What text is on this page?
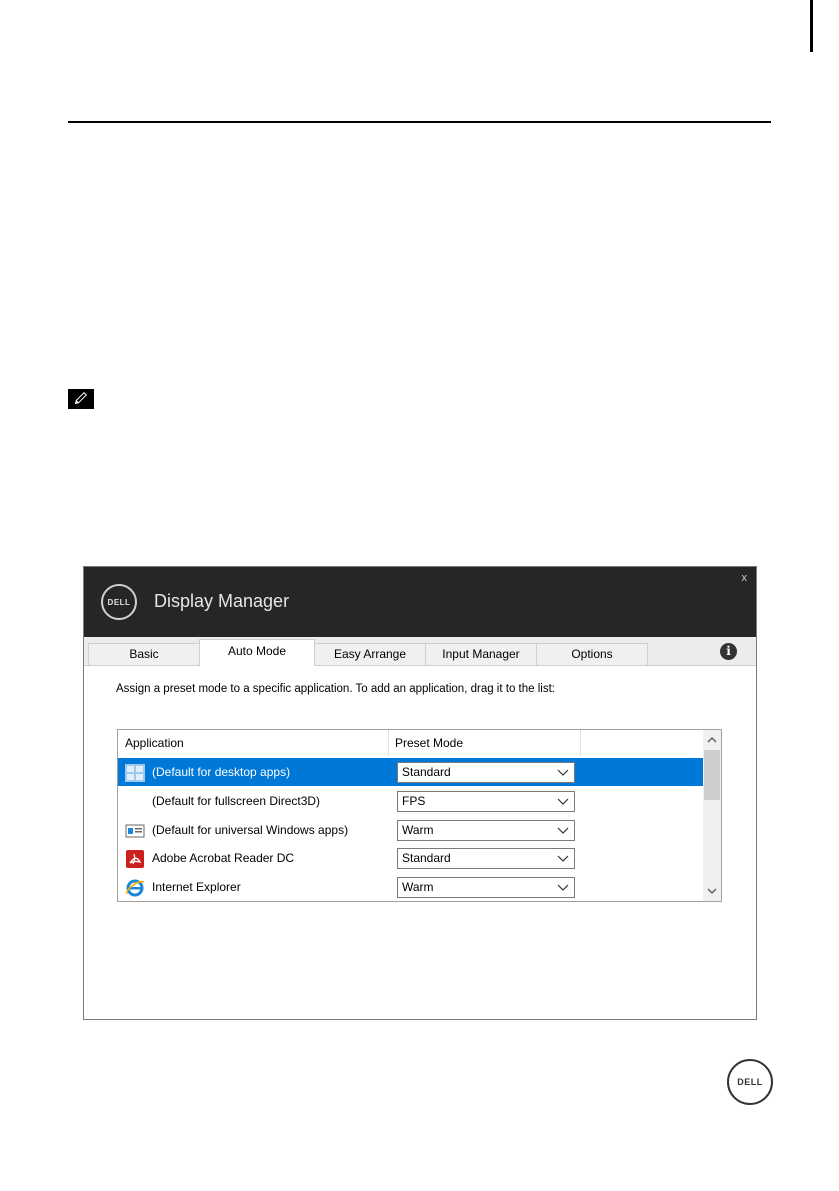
DELL Display Manager
x
Basic	Auto Mode	Easy Arrange	Input Manager	Options	i
Assign a preset mode to a specific application. To add an application, drag it to the list:
Application	Preset Mode
(Default for desktop apps)	Standard
(Default for fullscreen Direct3D)	FPS
(Default for universal Windows apps)	Warm
Adobe Acrobat Reader DC	Standard
Internet Explorer	Warm
DELL
